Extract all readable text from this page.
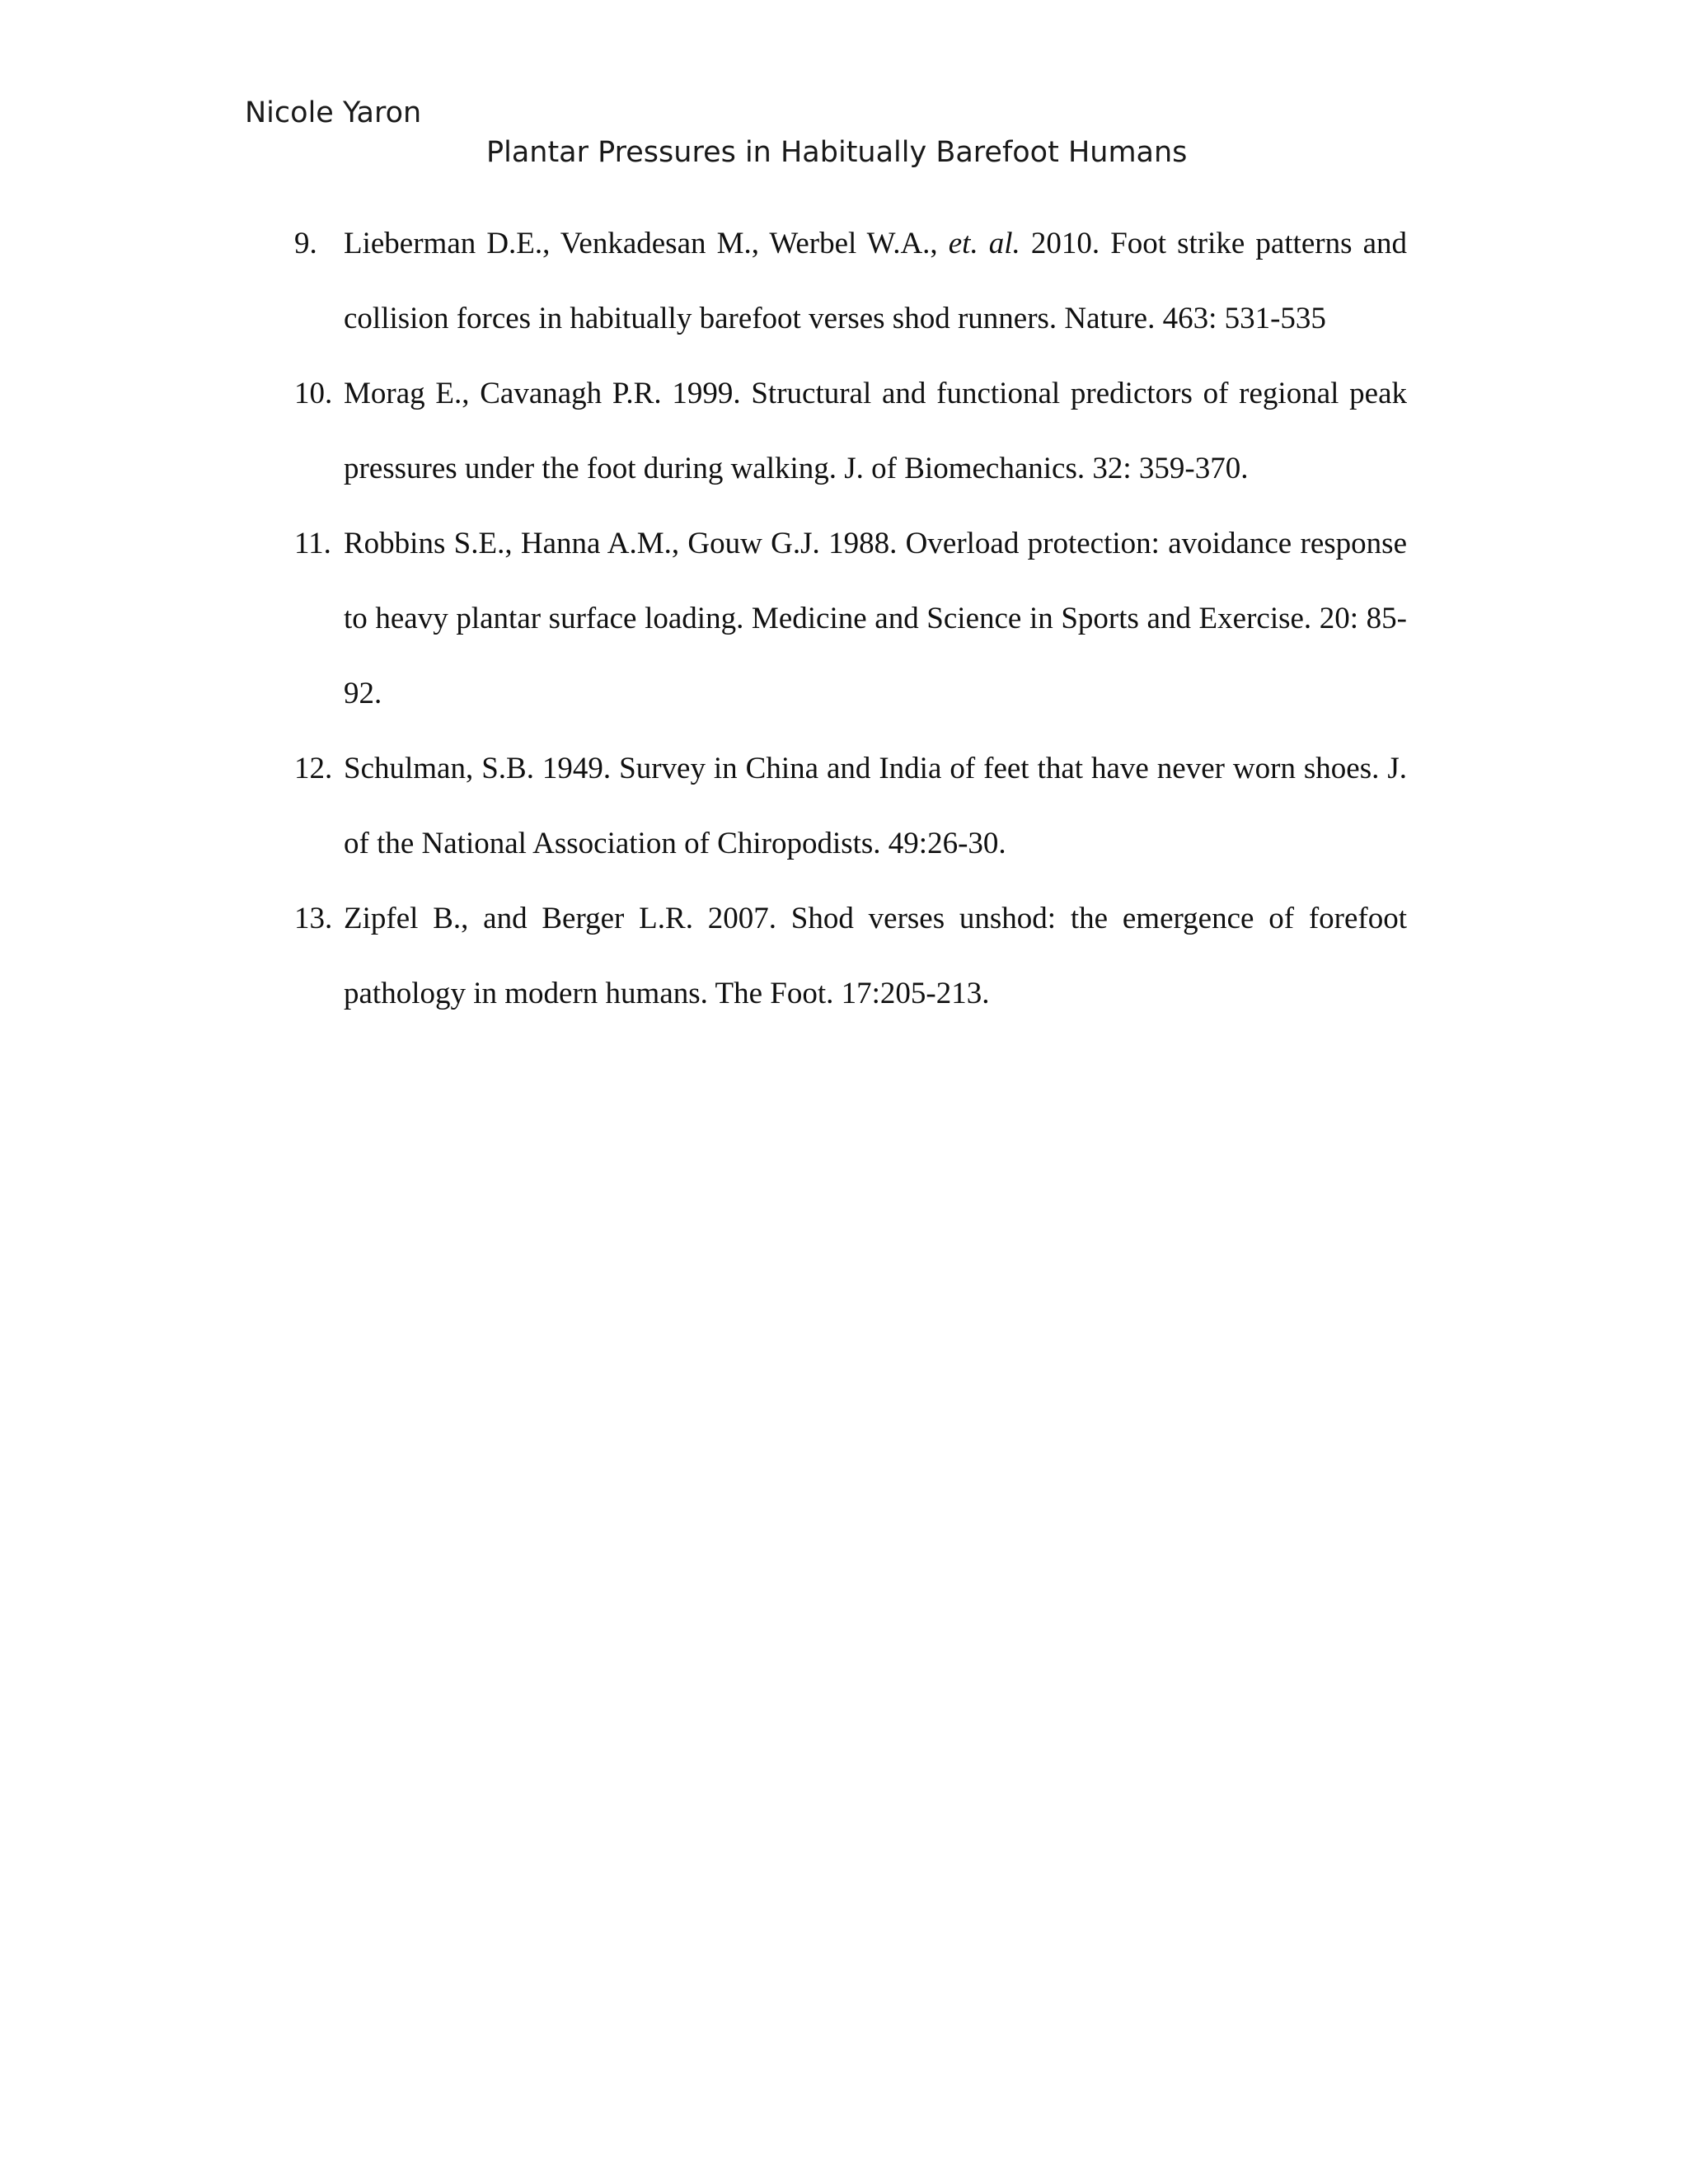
Nicole Yaron
Plantar Pressures in Habitually Barefoot Humans
9. Lieberman D.E., Venkadesan M., Werbel W.A., et. al. 2010. Foot strike patterns and collision forces in habitually barefoot verses shod runners. Nature. 463: 531-535
10. Morag E., Cavanagh P.R. 1999. Structural and functional predictors of regional peak pressures under the foot during walking. J. of Biomechanics. 32: 359-370.
11. Robbins S.E., Hanna A.M., Gouw G.J. 1988. Overload protection: avoidance response to heavy plantar surface loading. Medicine and Science in Sports and Exercise. 20: 85-92.
12. Schulman, S.B. 1949. Survey in China and India of feet that have never worn shoes. J. of the National Association of Chiropodists. 49:26-30.
13. Zipfel B., and Berger L.R. 2007. Shod verses unshod: the emergence of forefoot pathology in modern humans. The Foot. 17:205-213.
